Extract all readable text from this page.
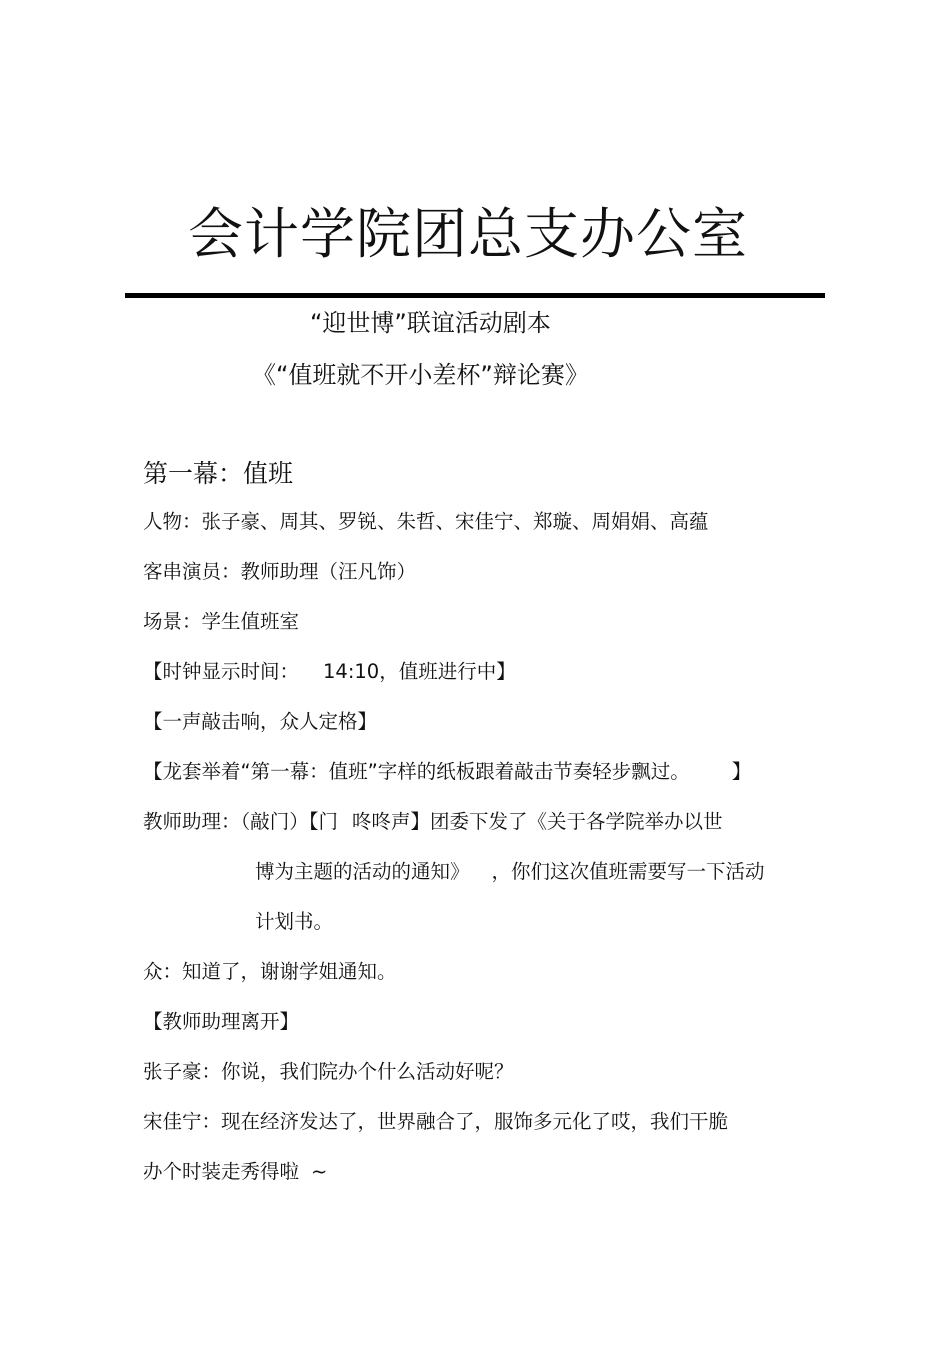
会计学院团总支办公室
“迎世博”联谊活动剧本
《“值班就不开小差杯”辩论赛》
第一幕：值班
人物：张子豪、周其、罗锐、朱哲、宋佳宁、郑璇、周娟娟、高蕴
客串演员：教师助理（汪凡饰）
场景：学生值班室
【时钟显示时间： 14:10，值班进行中】
【一声敲击响，众人定格】
【龙套举着“第一幕：值班”字样的纸板跟着敲击节奏轻步飘过。 】
教师助理：（敲门）【门 咚咚声】团委下发了《关于各学院举办以世
博为主题的活动的通知》 ，你们这次值班需要写一下活动
计划书。
众：知道了，谢谢学姐通知。
【教师助理离开】
张子豪：你说，我们院办个什么活动好呢？
宋佳宁：现在经济发达了，世界融合了，服饰多元化了哎，我们干脆
办个时装走秀得啦 ~
